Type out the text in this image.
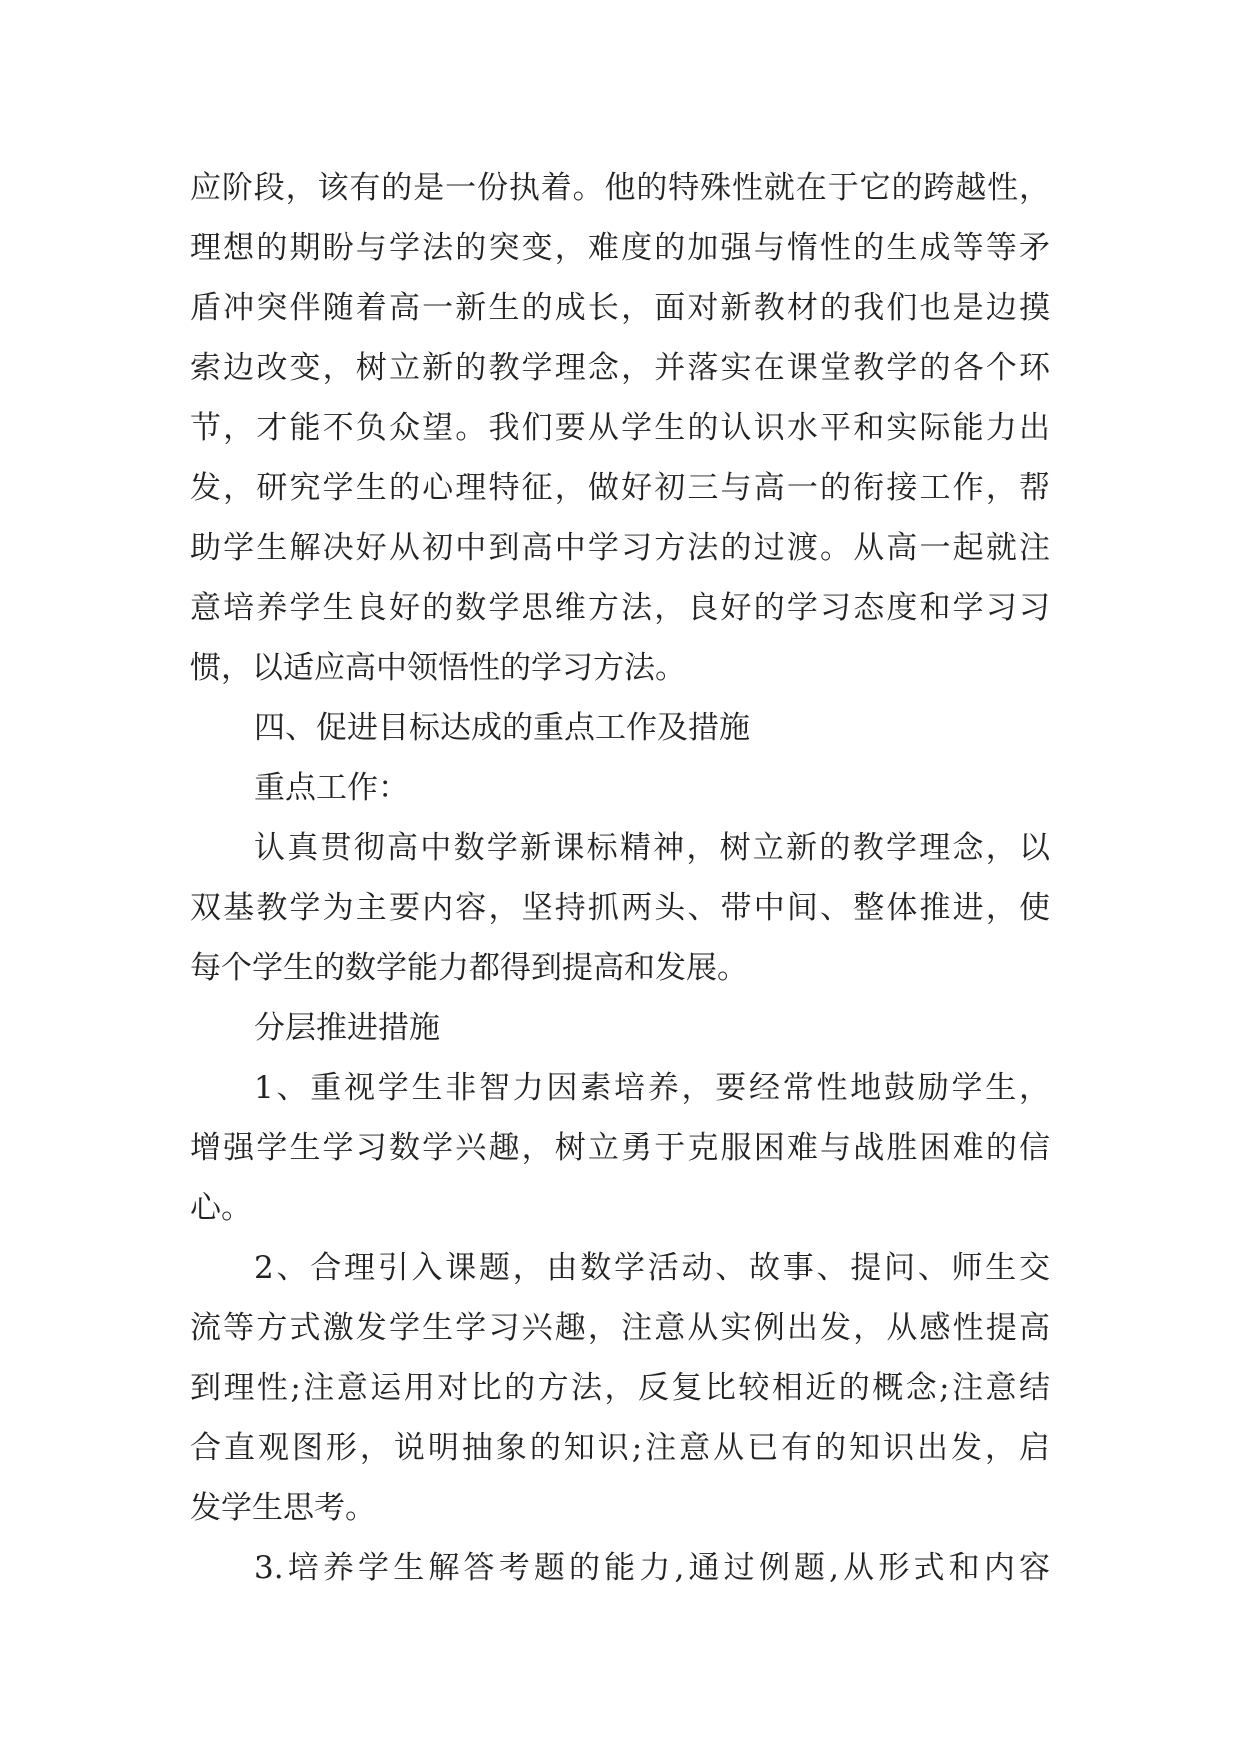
应阶段，该有的是一份执着。他的特殊性就在于它的跨越性，
理想的期盼与学法的突变，难度的加强与惰性的生成等等矛
盾冲突伴随着高一新生的成长，面对新教材的我们也是边摸
索边改变，树立新的教学理念，并落实在课堂教学的各个环
节，才能不负众望。我们要从学生的认识水平和实际能力出
发，研究学生的心理特征，做好初三与高一的衔接工作，帮
助学生解决好从初中到高中学习方法的过渡。从高一起就注
意培养学生良好的数学思维方法，良好的学习态度和学习习
惯，以适应高中领悟性的学习方法。
四、促进目标达成的重点工作及措施
重点工作：
认真贯彻高中数学新课标精神，树立新的教学理念，以
双基教学为主要内容，坚持抓两头、带中间、整体推进，使
每个学生的数学能力都得到提高和发展。
分层推进措施
1、重视学生非智力因素培养，要经常性地鼓励学生，
增强学生学习数学兴趣，树立勇于克服困难与战胜困难的信
心。
2、合理引入课题，由数学活动、故事、提问、师生交
流等方式激发学生学习兴趣，注意从实例出发，从感性提高
到理性;注意运用对比的方法，反复比较相近的概念;注意结
合直观图形，说明抽象的知识;注意从已有的知识出发，启
发学生思考。
3.培养学生解答考题的能力,通过例题,从形式和内容
